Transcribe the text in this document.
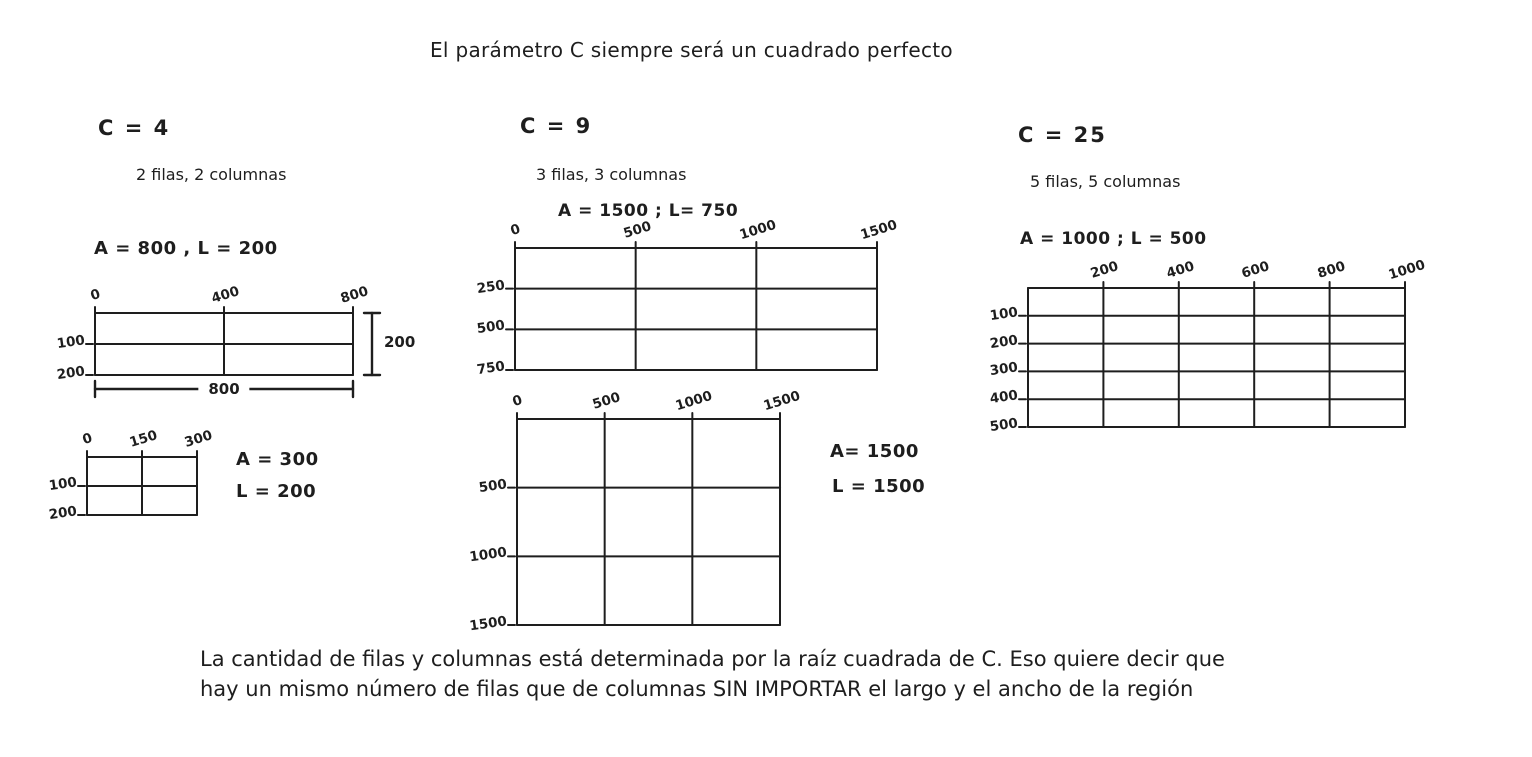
El parámetro C siempre será un cuadrado perfecto
C = 4
2 filas, 2 columnas
A = 800 , L = 200
0	400	800
100
200
800
200
0 150 300
100
200
A = 300
L = 200
C = 9
3 filas, 3 columnas
A = 1500 ; L= 750
0	500	1000	1500
250
500
750
0	500	1000	1500
500
1000
1500
A= 1500
L = 1500
C = 25
5 filas, 5 columnas
A = 1000 ; L = 500
200	400	600	800	1000
100
200
300
400
500
La cantidad de filas y columnas está determinada por la raíz cuadrada de C. Eso quiere decir que
hay un mismo número de filas que de columnas SIN IMPORTAR el largo y el ancho de la región
